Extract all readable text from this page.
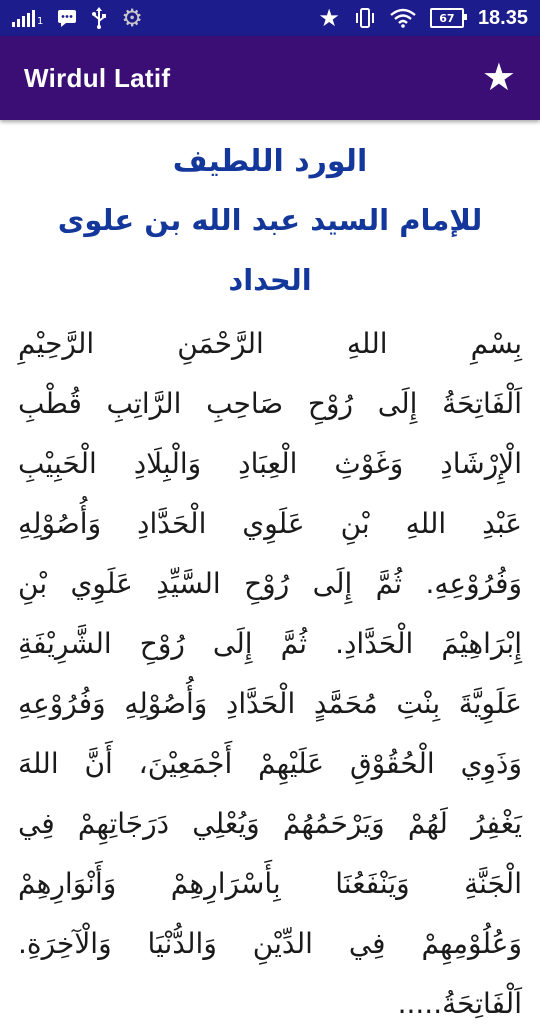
1	⚙	★	67	18.35
Wirdul Latif	★
الورد اللطيف
للإمام السيد عبد الله بن علوى الحداد
بِسْمِ اللهِ الرَّحْمَنِ الرَّحِيْمِ
اَلْفَاتِحَةُ إِلَى رُوْحِ صَاحِبِ الرَّاتِبِ قُطْبِ
الْإِرْشَادِ وَغَوْثِ الْعِبَادِ وَالْبِلَادِ الْحَبِيْبِ
عَبْدِ اللهِ بْنِ عَلَوِي الْحَدَّادِ وَأُصُوْلِهِ
وَفُرُوْعِهِ. ثُمَّ إِلَى رُوْحِ السَّيِّدِ عَلَوِي بْنِ
إِبْرَاهِيْمَ الْحَدَّادِ. ثُمَّ إِلَى رُوْحِ الشَّرِيْفَةِ
عَلَوِيَّةَ بِنْتِ مُحَمَّدٍ الْحَدَّادِ وَأُصُوْلِهِ وَفُرُوْعِهِ
وَذَوِي الْحُقُوْقِ عَلَيْهِمْ أَجْمَعِيْنَ، أَنَّ اللهَ
يَغْفِرُ لَهُمْ وَيَرْحَمُهُمْ وَيُعْلِي دَرَجَاتِهِمْ فِي
الْجَنَّةِ وَيَنْفَعُنَا بِأَسْرَارِهِمْ وَأَنْوَارِهِمْ
وَعُلُوْمِهِمْ فِي الدِّيْنِ وَالدُّنْيَا وَالْآخِرَةِ.
اَلْفَاتِحَةُ.....
